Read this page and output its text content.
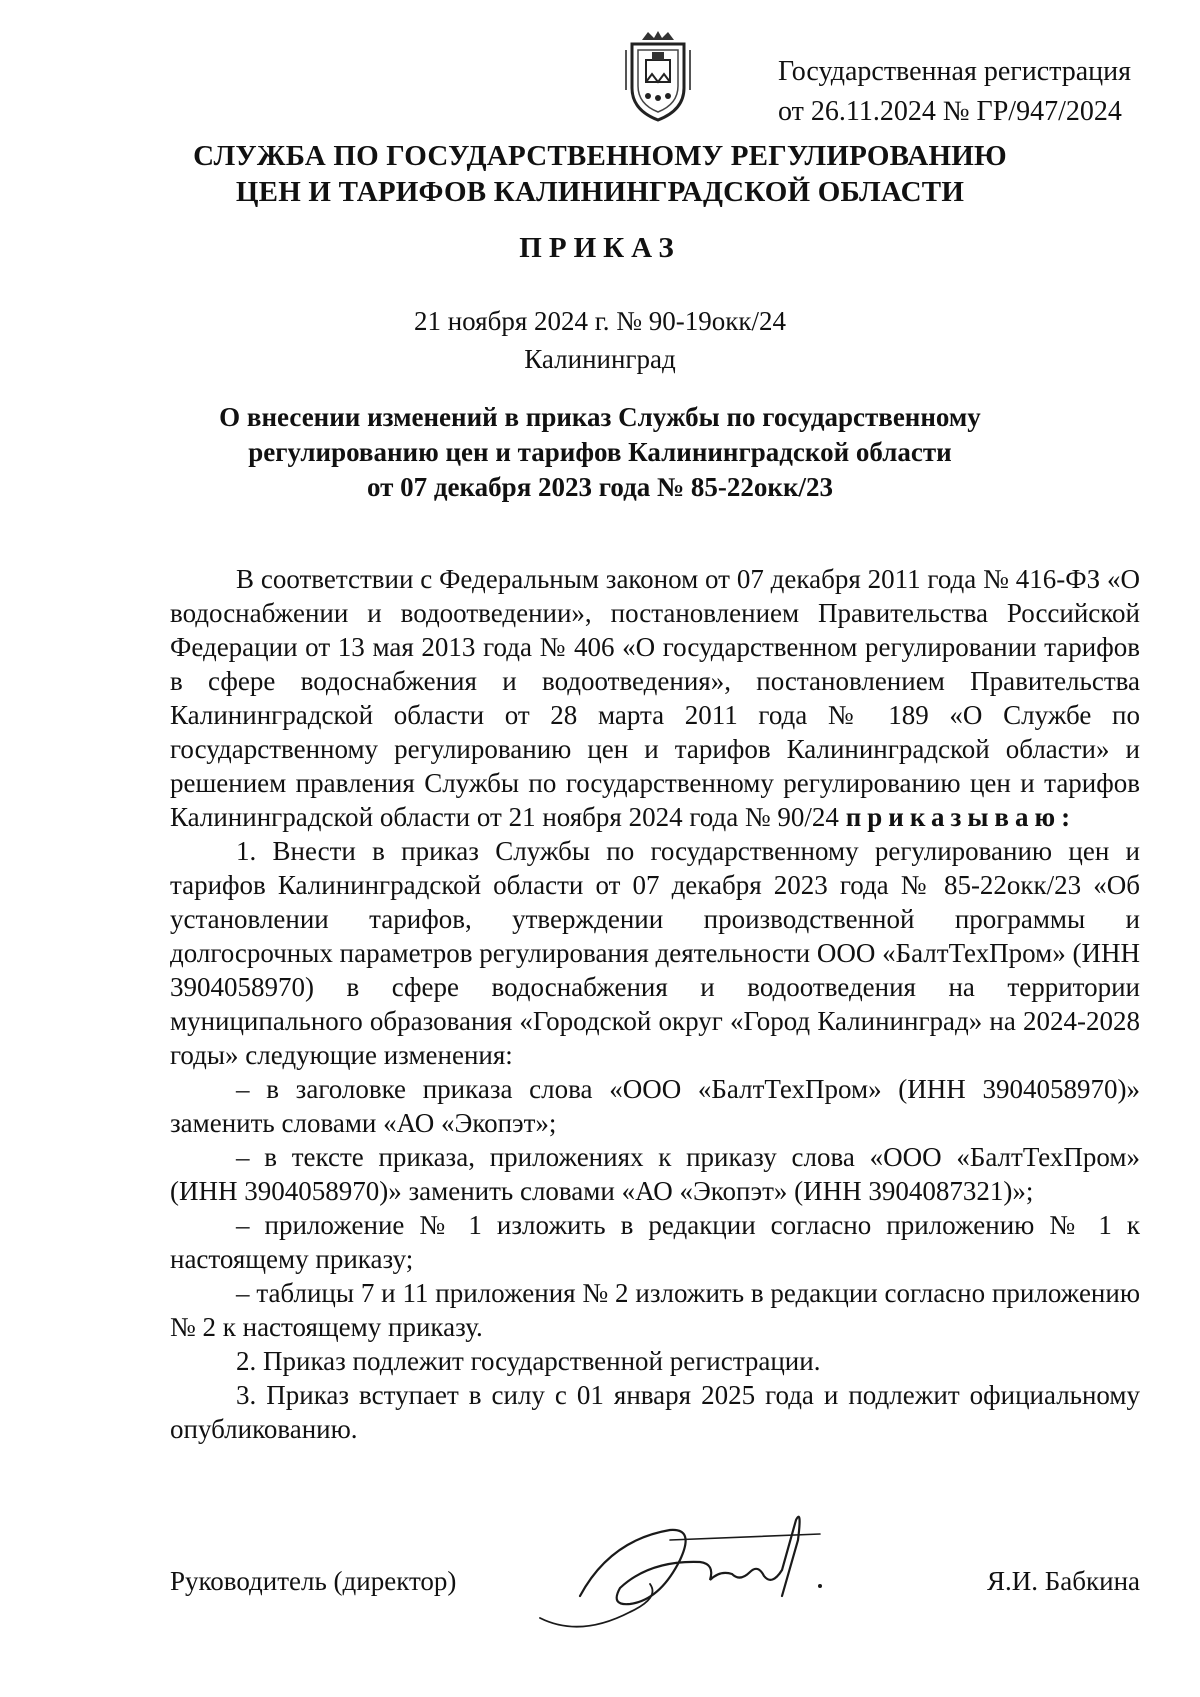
Государственная регистрация
от 26.11.2024 № ГР/947/2024
СЛУЖБА ПО ГОСУДАРСТВЕННОМУ РЕГУЛИРОВАНИЮ
ЦЕН И ТАРИФОВ КАЛИНИНГРАДСКОЙ ОБЛАСТИ
ПРИКАЗ
21 ноября 2024 г. № 90-19окк/24
Калининград
О внесении изменений в приказ Службы по государственному
регулированию цен и тарифов Калининградской области
от 07 декабря 2023 года № 85-22окк/23

В соответствии с Федеральным законом от 07 декабря 2011 года № 416-ФЗ «О водоснабжении и водоотведении», постановлением Правительства Российской Федерации от 13 мая 2013 года № 406 «О государственном регулировании тарифов в сфере водоснабжения и водоотведения», постановлением Правительства Калининградской области от 28 марта 2011 года № 189 «О Службе по государственному регулированию цен и тарифов Калининградской области» и решением правления Службы по государственному регулированию цен и тарифов Калининградской области от 21 ноября 2024 года № 90/24 приказываю:

1. Внести в приказ Службы по государственному регулированию цен и тарифов Калининградской области от 07 декабря 2023 года № 85-22окк/23 «Об установлении тарифов, утверждении производственной программы и долгосрочных параметров регулирования деятельности ООО «БалтТехПром» (ИНН 3904058970) в сфере водоснабжения и водоотведения на территории муниципального образования «Городской округ «Город Калининград» на 2024-2028 годы» следующие изменения:

– в заголовке приказа слова «ООО «БалтТехПром» (ИНН 3904058970)» заменить словами «АО «Экопэт»;

– в тексте приказа, приложениях к приказу слова «ООО «БалтТехПром» (ИНН 3904058970)» заменить словами «АО «Экопэт» (ИНН 3904087321)»;

– приложение № 1 изложить в редакции согласно приложению № 1 к настоящему приказу;

– таблицы 7 и 11 приложения № 2 изложить в редакции согласно приложению № 2 к настоящему приказу.

2. Приказ подлежит государственной регистрации.

3. Приказ вступает в силу с 01 января 2025 года и подлежит официальному опубликованию.

Руководитель (директор)	Я.И. Бабкина
